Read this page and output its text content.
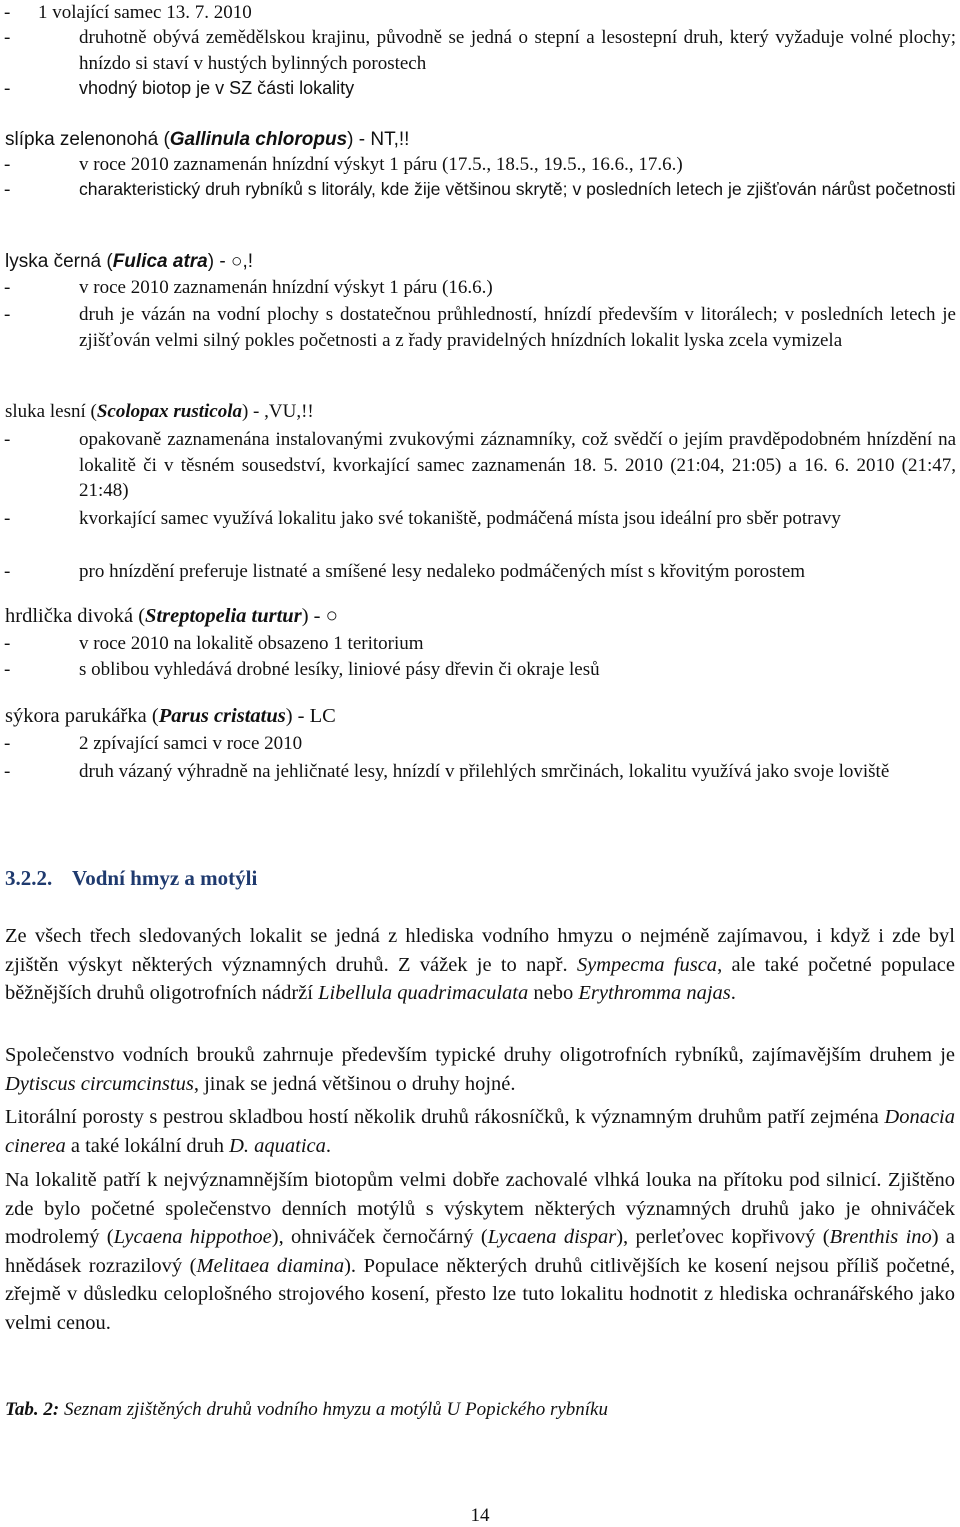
- 1 volající samec 13. 7. 2010
-	druhotně obývá zemědělskou krajinu, původně se jedná o stepní a lesostepní druh, který vyžaduje volné plochy; hnízdo si staví v hustých bylinných porostech
-	vhodný biotop je v SZ části lokality
slípka zelenonohá (Gallinula chloropus) - NT,!!
-	v roce 2010 zaznamenán hnízdní výskyt 1 páru (17.5., 18.5., 19.5., 16.6., 17.6.)
-	charakteristický druh rybníků s litorály, kde žije většinou skrytě; v posledních letech je zjišťován nárůst početnosti
lyska černá (Fulica atra) - ○,!
-	v roce 2010 zaznamenán hnízdní výskyt 1 páru (16.6.)
-	druh je vázán na vodní plochy s dostatečnou průhledností, hnízdí především v litorálech; v posledních letech je zjišťován velmi silný pokles početnosti a z řady pravidelných hnízdních lokalit lyska zcela vymizela
sluka lesní (Scolopax rusticola) - ,VU,!!
-	opakovaně zaznamenána instalovanými zvukovými záznamníky, což svědčí o jejím pravděpodobném hnízdění na lokalitě či v těsném sousedství, kvorkající samec zaznamenán 18. 5. 2010 (21:04, 21:05) a 16. 6. 2010 (21:47, 21:48)
-	kvorkající samec využívá lokalitu jako své tokaniště, podmáčená místa jsou ideální pro sběr potravy
-	pro hnízdění preferuje listnaté a smíšené lesy nedaleko podmáčených míst s křovitým porostem
hrdlička divoká (Streptopelia turtur) - ○
-	v roce 2010 na lokalitě obsazeno 1 teritorium
-	s oblibou vyhledává drobné lesíky, liniové pásy dřevin či okraje lesů
sýkora parukářka (Parus cristatus) - LC
-	2 zpívající samci v roce 2010
-	druh vázaný výhradně na jehličnaté lesy, hnízdí v přilehlých smrčinách, lokalitu využívá jako svoje loviště
3.2.2. Vodní hmyz a motýli
Ze všech třech sledovaných lokalit se jedná z hlediska vodního hmyzu o nejméně zajímavou, i když i zde byl zjištěn výskyt některých významných druhů. Z vážek je to např. Sympecma fusca, ale také početné populace běžnějších druhů oligotrofních nádrží Libellula quadrimaculata nebo Erythromma najas.
Společenstvo vodních brouků zahrnuje především typické druhy oligotrofních rybníků, zajímavějším druhem je Dytiscus circumcinstus, jinak se jedná většinou o druhy hojné.
Litorální porosty s pestrou skladbou hostí několik druhů rákosníčků, k významným druhům patří zejména Donacia cinerea a také lokální druh D. aquatica.
Na lokalitě patří k nejvýznamnějším biotopům velmi dobře zachovalé vlhká louka na přítoku pod silnicí. Zjištěno zde bylo početné společenstvo denních motýlů s výskytem některých významných druhů jako je ohniváček modrolemý (Lycaena hippothoe), ohniváček černočárný (Lycaena dispar), perleťovec kopřivový (Brenthis ino) a hnědásek rozrazilový (Melitaea diamina). Populace některých druhů citlivějších ke kosení nejsou příliš početné, zřejmě v důsledku celoplošného strojového kosení, přesto lze tuto lokalitu hodnotit z hlediska ochranářského jako velmi cenou.
Tab. 2: Seznam zjištěných druhů vodního hmyzu a motýlů U Popického rybníku
14
